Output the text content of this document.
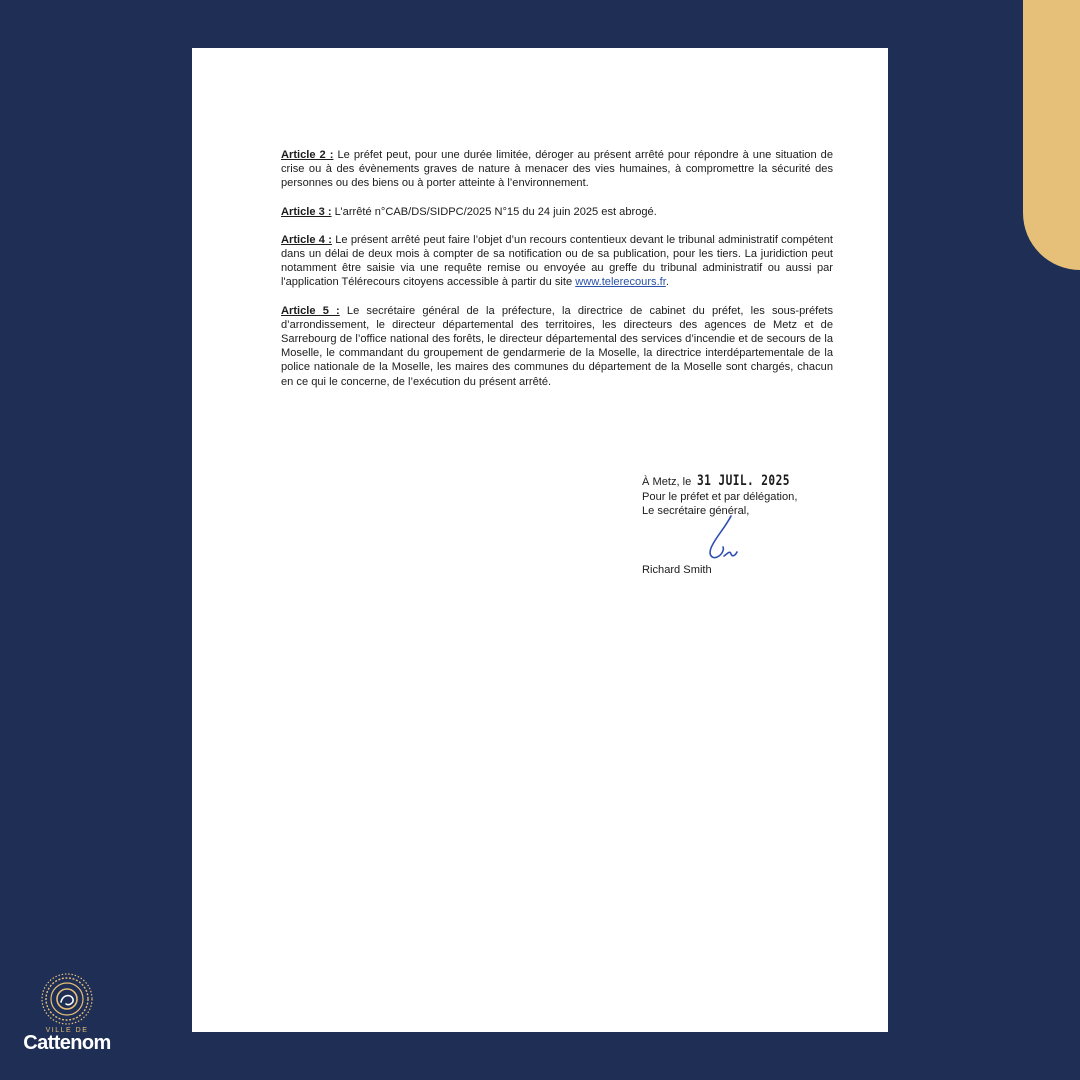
Article 2 : Le préfet peut, pour une durée limitée, déroger au présent arrêté pour répondre à une situation de crise ou à des évènements graves de nature à menacer des vies humaines, à compromettre la sécurité des personnes ou des biens ou à porter atteinte à l’environnement.

Article 3 : L’arrêté n°CAB/DS/SIDPC/2025 N°15 du 24 juin 2025 est abrogé.

Article 4 : Le présent arrêté peut faire l’objet d’un recours contentieux devant le tribunal administratif compétent dans un délai de deux mois à compter de sa notification ou de sa publication, pour les tiers. La juridiction peut notamment être saisie via une requête remise ou envoyée au greffe du tribunal administratif ou aussi par l'application Télérecours citoyens accessible à partir du site www.telerecours.fr.

Article 5 : Le secrétaire général de la préfecture, la directrice de cabinet du préfet, les sous-préfets d’arrondissement, le directeur départemental des territoires, les directeurs des agences de Metz et de Sarrebourg de l’office national des forêts, le directeur départemental des services d’incendie et de secours de la Moselle, le commandant du groupement de gendarmerie de la Moselle, la directrice interdépartementale de la police nationale de la Moselle, les maires des communes du département de la Moselle sont chargés, chacun en ce qui le concerne, de l’exécution du présent arrêté.

À Metz, le 31 JUIL. 2025
Pour le préfet et par délégation,
Le secrétaire général,
Richard Smith
VILLE DE
Cattenom
